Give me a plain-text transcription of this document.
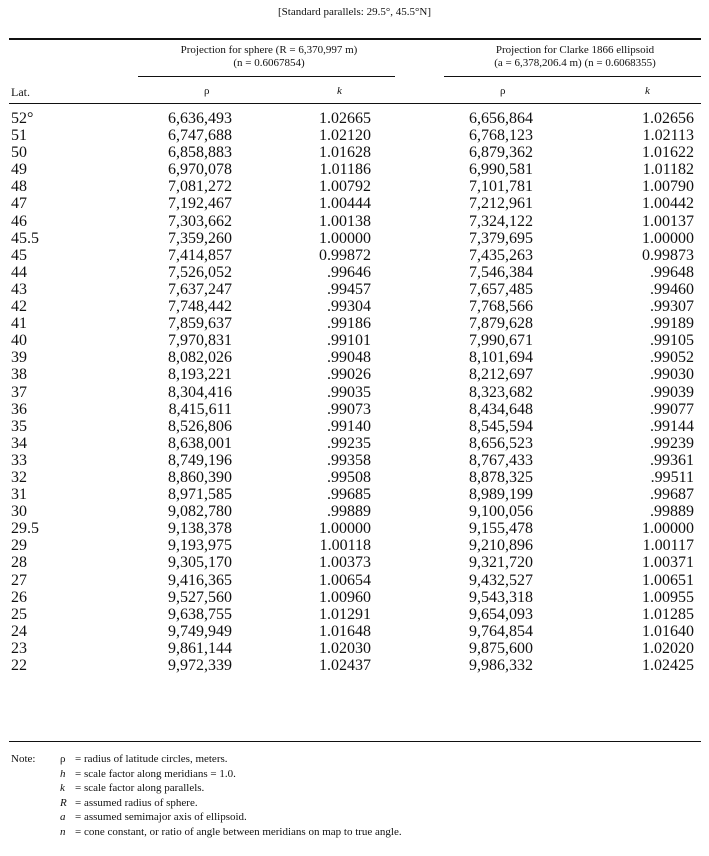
[Standard parallels: 29.5°, 45.5°N]
Projection for sphere (R = 6,370,997 m)
(n = 0.6067854)
Projection for Clarke 1866 ellipsoid
(a = 6,378,206.4 m) (n = 0.6068355)
Lat.	ρ	k	ρ	k
52°	6,636,493	1.02665	6,656,864	1.02656
51	6,747,688	1.02120	6,768,123	1.02113
50	6,858,883	1.01628	6,879,362	1.01622
49	6,970,078	1.01186	6,990,581	1.01182
48	7,081,272	1.00792	7,101,781	1.00790
47	7,192,467	1.00444	7,212,961	1.00442
46	7,303,662	1.00138	7,324,122	1.00137
45.5	7,359,260	1.00000	7,379,695	1.00000
45	7,414,857	0.99872	7,435,263	0.99873
44	7,526,052	.99646	7,546,384	.99648
43	7,637,247	.99457	7,657,485	.99460
42	7,748,442	.99304	7,768,566	.99307
41	7,859,637	.99186	7,879,628	.99189
40	7,970,831	.99101	7,990,671	.99105
39	8,082,026	.99048	8,101,694	.99052
38	8,193,221	.99026	8,212,697	.99030
37	8,304,416	.99035	8,323,682	.99039
36	8,415,611	.99073	8,434,648	.99077
35	8,526,806	.99140	8,545,594	.99144
34	8,638,001	.99235	8,656,523	.99239
33	8,749,196	.99358	8,767,433	.99361
32	8,860,390	.99508	8,878,325	.99511
31	8,971,585	.99685	8,989,199	.99687
30	9,082,780	.99889	9,100,056	.99889
29.5	9,138,378	1.00000	9,155,478	1.00000
29	9,193,975	1.00118	9,210,896	1.00117
28	9,305,170	1.00373	9,321,720	1.00371
27	9,416,365	1.00654	9,432,527	1.00651
26	9,527,560	1.00960	9,543,318	1.00955
25	9,638,755	1.01291	9,654,093	1.01285
24	9,749,949	1.01648	9,764,854	1.01640
23	9,861,144	1.02030	9,875,600	1.02020
22	9,972,339	1.02437	9,986,332	1.02425
Note: ρ = radius of latitude circles, meters.
h = scale factor along meridians = 1.0.
k = scale factor along parallels.
R = assumed radius of sphere.
a = assumed semimajor axis of ellipsoid.
n = cone constant, or ratio of angle between meridians on map to true angle.
